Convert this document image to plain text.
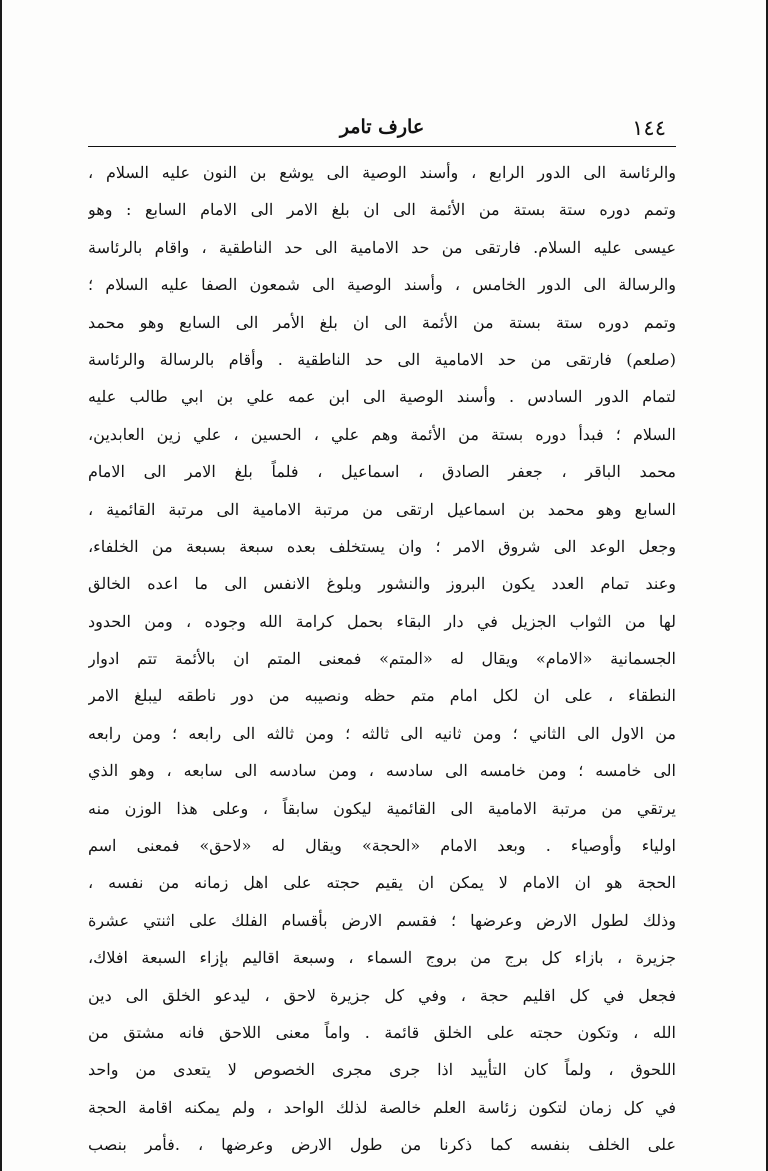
١٤٤
عارف تامر
والرئاسة الى الدور الرابع ، وأسند الوصية الى يوشع بن النون عليه السلام ،
وتمم دوره ستة بستة من الأئمة الى ان بلغ الامر الى الامام السابع : وهو
عيسى عليه السلام. فارتقى من حد الامامية الى حد الناطقية ، واقام بالرئاسة
والرسالة الى الدور الخامس ، وأسند الوصية الى شمعون الصفا عليه السلام ؛
وتمم دوره ستة بستة من الأئمة الى ان بلغ الأمر الى السابع وهو محمد
(صلعم) فارتقى من حد الامامية الى حد الناطقية . وأقام بالرسالة والرئاسة
لتمام الدور السادس . وأسند الوصية الى ابن عمه علي بن ابي طالب عليه
السلام ؛ فبدأ دوره بستة من الأئمة وهم علي ، الحسين ، علي زين العابدين،
محمد الباقر ، جعفر الصادق ، اسماعيل ، فلماً بلغ الامر الى الامام
السابع وهو محمد بن اسماعيل ارتقى من مرتبة الامامية الى مرتبة القائمية ،
وجعل الوعد الى شروق الامر ؛ وان يستخلف بعده سبعة بسبعة من الخلفاء،
وعند تمام العدد يكون البروز والنشور وبلوغ الانفس الى ما اعده الخالق
لها من الثواب الجزيل في دار البقاء بحمل كرامة الله وجوده ، ومن الحدود
الجسمانية «الامام» ويقال له «المتم» فمعنى المتم ان بالأئمة تتم ادوار
النطقاء ، على ان لكل امام متم حظه ونصيبه من دور ناطقه ليبلغ الامر
من الاول الى الثاني ؛ ومن ثانيه الى ثالثه ؛ ومن ثالثه الى رابعه ؛ ومن رابعه
الى خامسه ؛ ومن خامسه الى سادسه ، ومن سادسه الى سابعه ، وهو الذي
يرتقي من مرتبة الامامية الى القائمية ليكون سابقاً ، وعلى هذا الوزن منه
اولياء وأوصياء . وبعد الامام «الحجة» ويقال له «لاحق» فمعنى اسم
الحجة هو ان الامام لا يمكن ان يقيم حجته على اهل زمانه من نفسه ،
وذلك لطول الارض وعرضها ؛ فقسم الارض بأقسام الفلك على اثنتي عشرة
جزيرة ، بازاء كل برج من بروج السماء ، وسبعة اقاليم بإزاء السبعة افلاك،
فجعل في كل اقليم حجة ، وفي كل جزيرة لاحق ، ليدعو الخلق الى دين
الله ، وتكون حجته على الخلق قائمة . واماً معنى اللاحق فانه مشتق من
اللحوق ، ولماً كان التأييد اذا جرى مجرى الخصوص لا يتعدى من واحد
في كل زمان لتكون زئاسة العلم خالصة لذلك الواحد ، ولم يمكنه اقامة الحجة
على الخلف بنفسه كما ذكرنا من طول الارض وعرضها ، .فأمر بنصب
